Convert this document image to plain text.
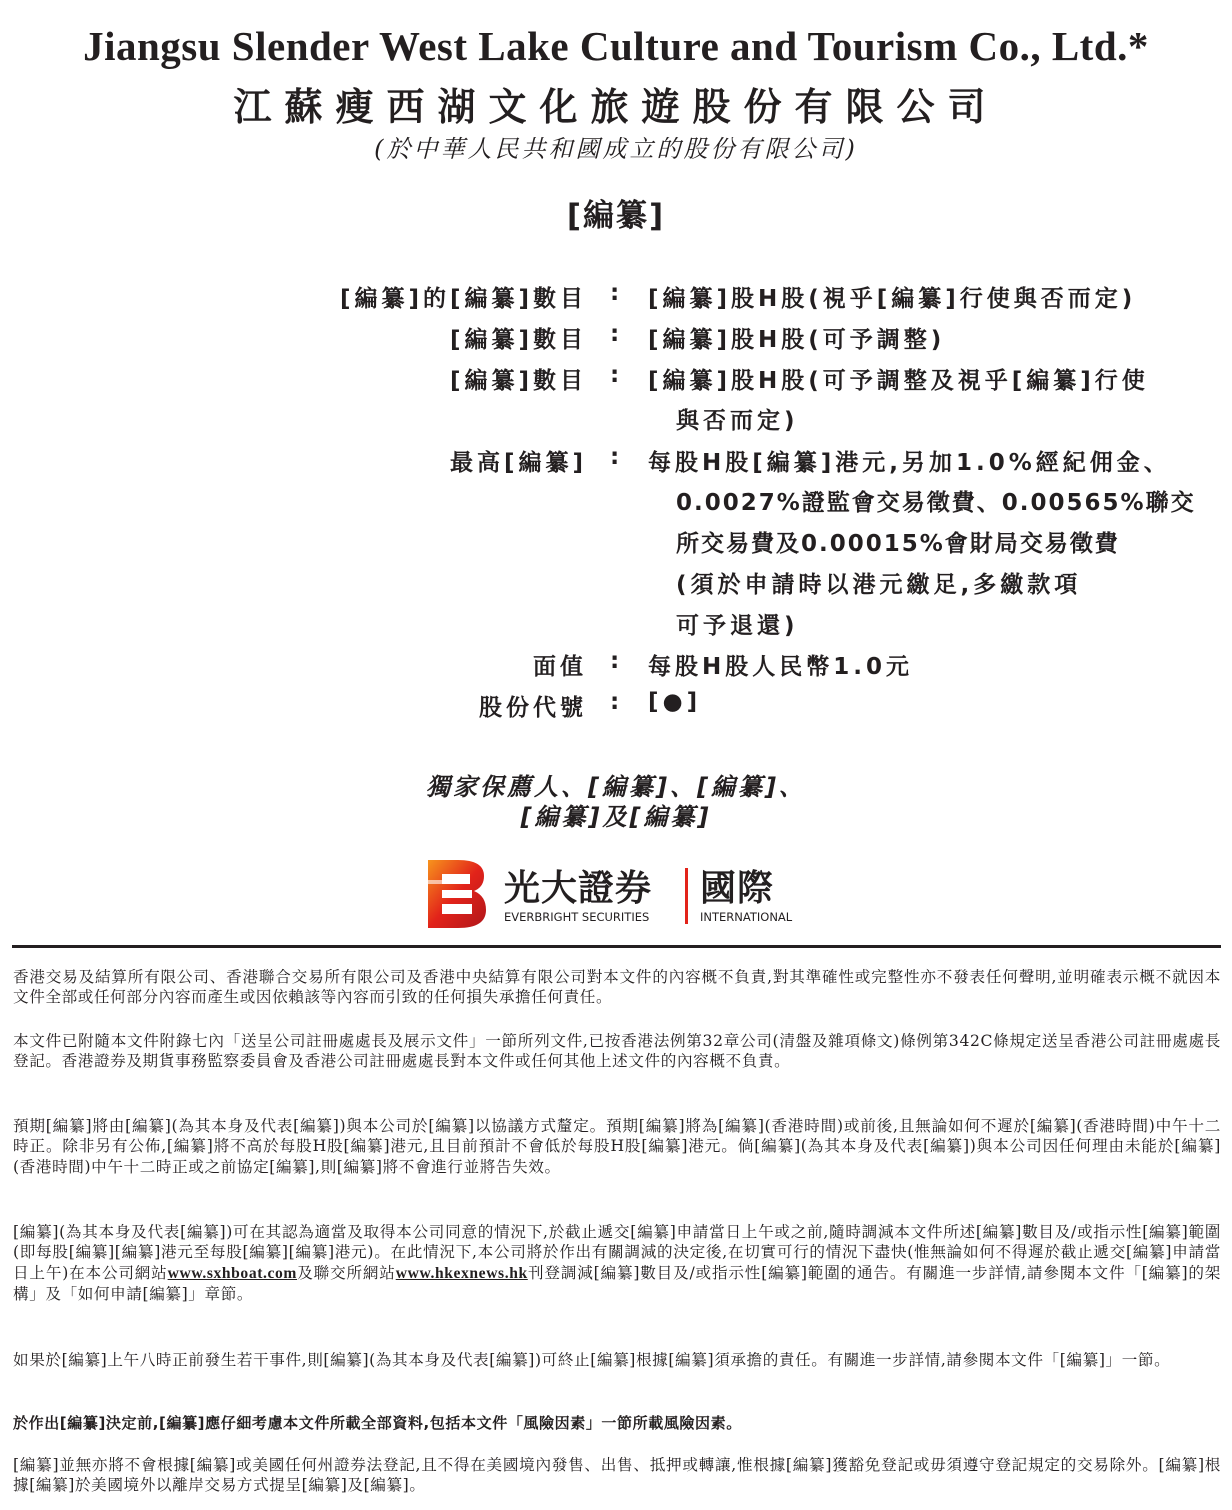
Jiangsu Slender West Lake Culture and Tourism Co., Ltd.*
江蘇瘦西湖文化旅遊股份有限公司
(於中華人民共和國成立的股份有限公司)
[編纂]
[編纂]的[編纂]數目 : [編纂]股H股(視乎[編纂]行使與否而定)
[編纂]數目 : [編纂]股H股(可予調整)
[編纂]數目 : [編纂]股H股(可予調整及視乎[編纂]行使
與否而定)
最高[編纂] : 每股H股[編纂]港元,另加1.0%經紀佣金、
0.0027%證監會交易徵費、0.00565%聯交
所交易費及0.00015%會財局交易徵費
(須於申請時以港元繳足,多繳款項
可予退還)
面值 : 每股H股人民幣1.0元
股份代號 : [●]
獨家保薦人、[編纂]、[編纂]、
[編纂]及[編纂]
光大證券 國際
EVERBRIGHT SECURITIES	INTERNATIONAL
香港交易及結算所有限公司、香港聯合交易所有限公司及香港中央結算有限公司對本文件的內容概不負責,對其準確性或完整性亦不發表任何聲明,並明確表示概不就因本文件全部或任何部分內容而產生或因依賴該等內容而引致的任何損失承擔任何責任。
本文件已附隨本文件附錄七內「送呈公司註冊處處長及展示文件」一節所列文件,已按香港法例第32章公司(清盤及雜項條文)條例第342C條規定送呈香港公司註冊處處長登記。香港證券及期貨事務監察委員會及香港公司註冊處處長對本文件或任何其他上述文件的內容概不負責。
預期[編纂]將由[編纂](為其本身及代表[編纂])與本公司於[編纂]以協議方式釐定。預期[編纂]將為[編纂](香港時間)或前後,且無論如何不遲於[編纂](香港時間)中午十二時正。除非另有公佈,[編纂]將不高於每股H股[編纂]港元,且目前預計不會低於每股H股[編纂]港元。倘[編纂](為其本身及代表[編纂])與本公司因任何理由未能於[編纂](香港時間)中午十二時正或之前協定[編纂],則[編纂]將不會進行並將告失效。
[編纂](為其本身及代表[編纂])可在其認為適當及取得本公司同意的情況下,於截止遞交[編纂]申請當日上午或之前,隨時調減本文件所述[編纂]數目及/或指示性[編纂]範圍(即每股[編纂][編纂]港元至每股[編纂][編纂]港元)。在此情況下,本公司將於作出有關調減的決定後,在切實可行的情況下盡快(惟無論如何不得遲於截止遞交[編纂]申請當日上午)在本公司網站www.sxhboat.com及聯交所網站www.hkexnews.hk刊登調減[編纂]數目及/或指示性[編纂]範圍的通告。有關進一步詳情,請參閱本文件「[編纂]的架構」及「如何申請[編纂]」章節。
如果於[編纂]上午八時正前發生若干事件,則[編纂](為其本身及代表[編纂])可終止[編纂]根據[編纂]須承擔的責任。有關進一步詳情,請參閱本文件「[編纂]」一節。
於作出[編纂]決定前,[編纂]應仔細考慮本文件所載全部資料,包括本文件「風險因素」一節所載風險因素。
[編纂]並無亦將不會根據[編纂]或美國任何州證券法登記,且不得在美國境內發售、出售、抵押或轉讓,惟根據[編纂]獲豁免登記或毋須遵守登記規定的交易除外。[編纂]根據[編纂]於美國境外以離岸交易方式提呈[編纂]及[編纂]。
